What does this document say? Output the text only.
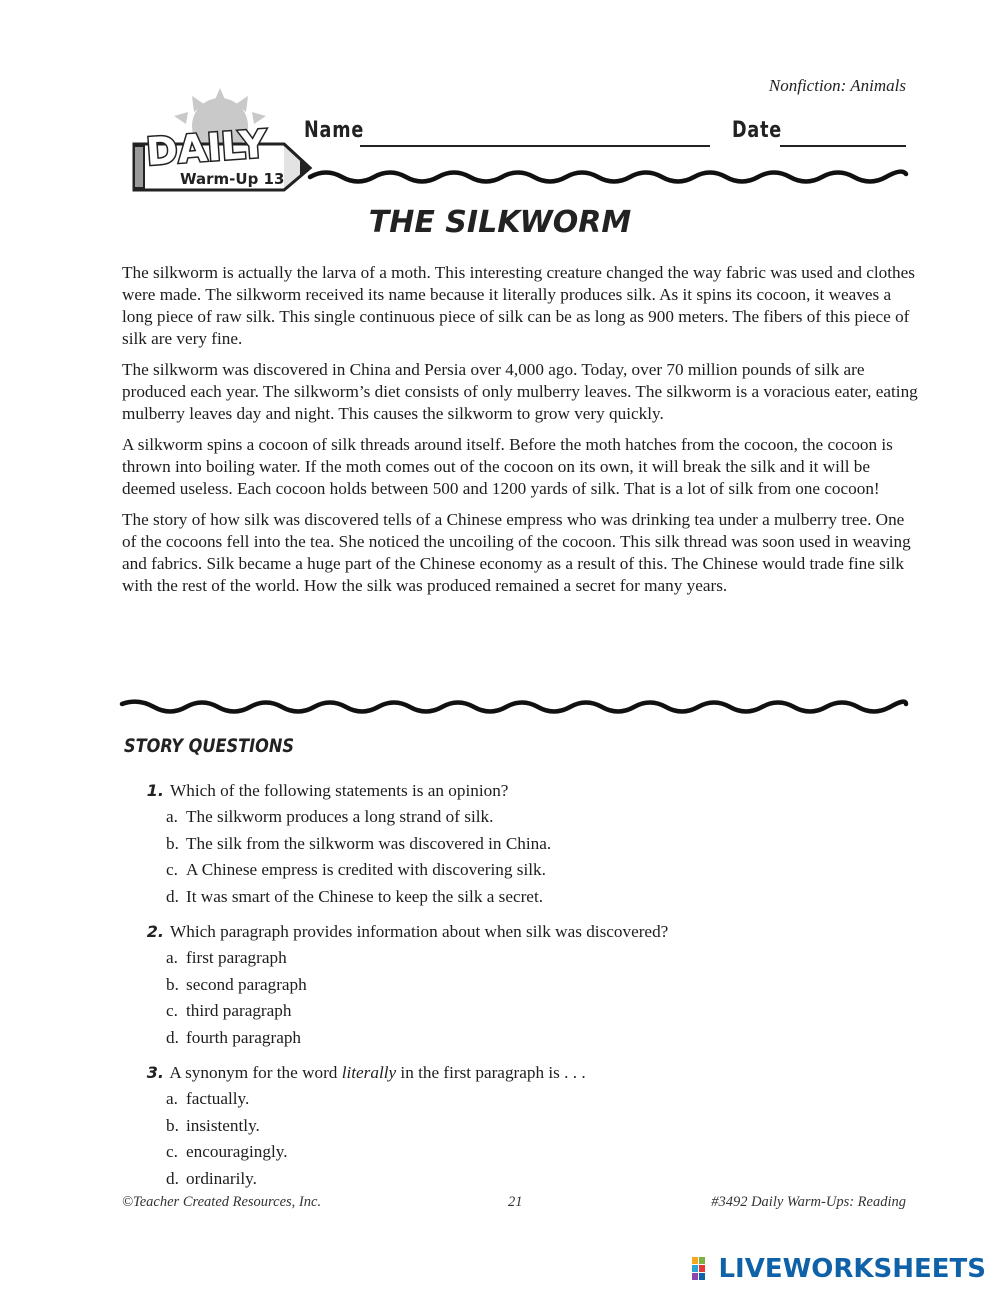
Nonfiction: Animals
DAILY
Warm-Up 13
Name	Date
THE SILKWORM

The silkworm is actually the larva of a moth. This interesting creature changed the way fabric was used and clothes were made. The silkworm received its name because it literally produces silk. As it spins its cocoon, it weaves a long piece of raw silk. This single continuous piece of silk can be as long as 900 meters. The fibers of this piece of silk are very fine.

The silkworm was discovered in China and Persia over 4,000 ago. Today, over 70 million pounds of silk are produced each year. The silkworm’s diet consists of only mulberry leaves. The silkworm is a voracious eater, eating mulberry leaves day and night. This causes the silkworm to grow very quickly.

A silkworm spins a cocoon of silk threads around itself. Before the moth hatches from the cocoon, the cocoon is thrown into boiling water. If the moth comes out of the cocoon on its own, it will break the silk and it will be deemed useless. Each cocoon holds between 500 and 1200 yards of silk. That is a lot of silk from one cocoon!

The story of how silk was discovered tells of a Chinese empress who was drinking tea under a mulberry tree. One of the cocoons fell into the tea. She noticed the uncoiling of the cocoon. This silk thread was soon used in weaving and fabrics. Silk became a huge part of the Chinese economy as a result of this. The Chinese would trade fine silk with the rest of the world. How the silk was produced remained a secret for many years.

STORY QUESTIONS
1. Which of the following statements is an opinion?
a. The silkworm produces a long strand of silk.
b. The silk from the silkworm was discovered in China.
c. A Chinese empress is credited with discovering silk.
d. It was smart of the Chinese to keep the silk a secret.
2. Which paragraph provides information about when silk was discovered?
a. first paragraph
b. second paragraph
c. third paragraph
d. fourth paragraph
3. A synonym for the word literally in the first paragraph is . . .
a. factually.
b. insistently.
c. encouragingly.
d. ordinarily.
©Teacher Created Resources, Inc.	21	#3492 Daily Warm-Ups: Reading
LIVEWORKSHEETS
